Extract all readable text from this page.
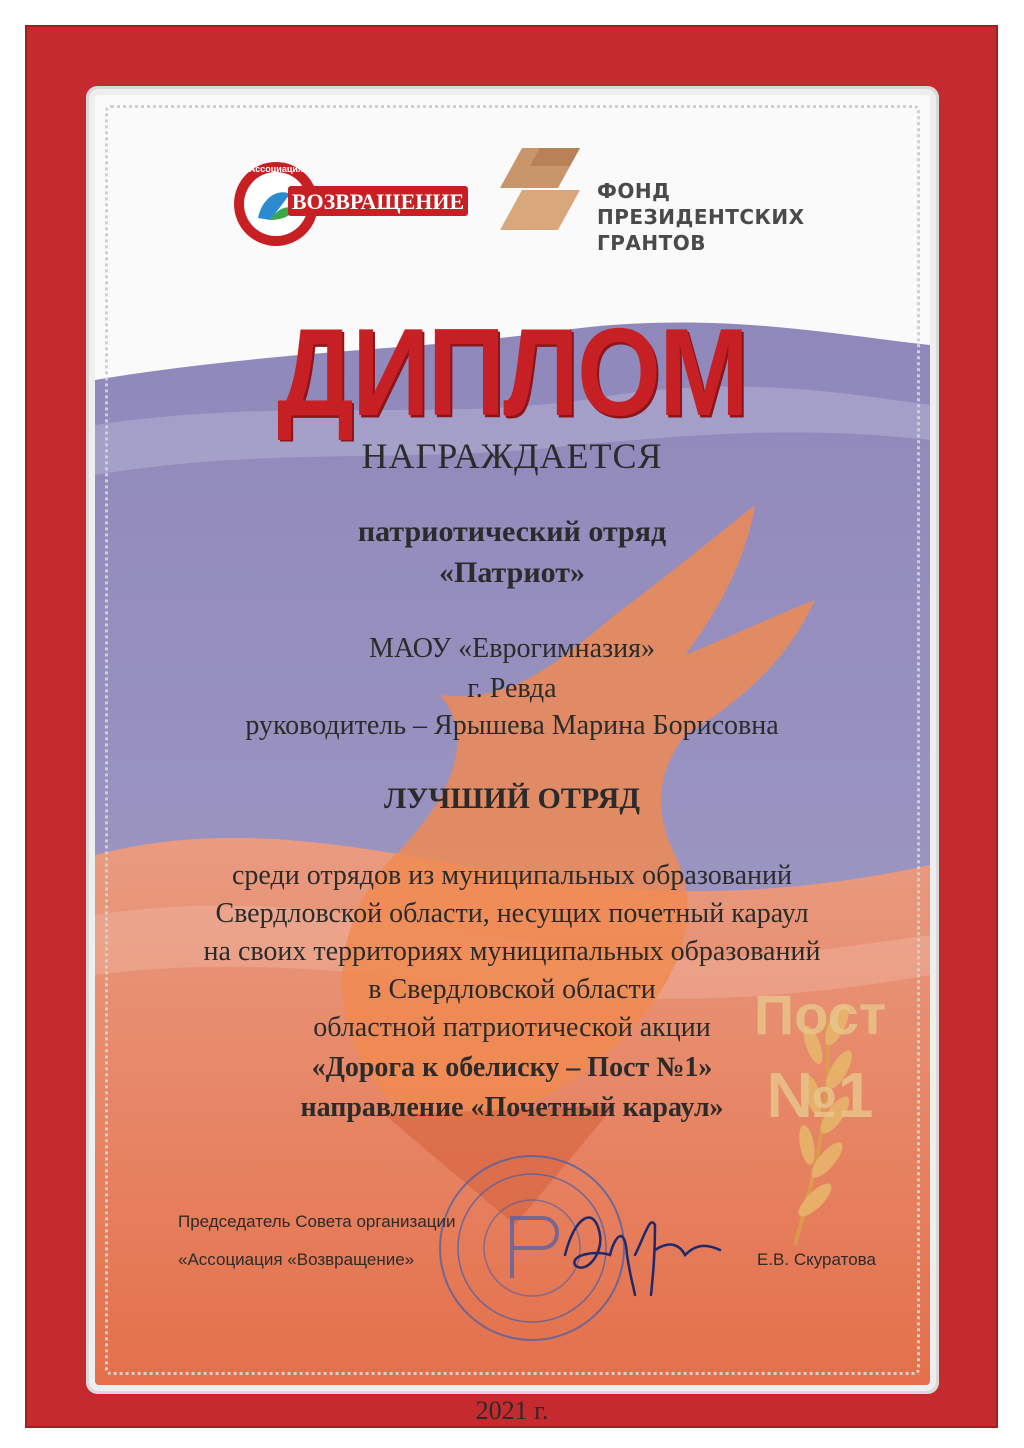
Пост
№1
ВОЗВРАЩЕНИЕ
Ассоциация
ФОНД
ПРЕЗИДЕНТСКИХ
ГРАНТОВ
ДИПЛОМ
НАГРАЖДАЕТСЯ
патриотический отряд
«Патриот»
МАОУ «Еврогимназия»
г. Ревда
руководитель – Ярышева Марина Борисовна
ЛУЧШИЙ ОТРЯД
среди отрядов из муниципальных образований
Свердловской области, несущих почетный караул
на своих территориях муниципальных образований
в Свердловской области
областной патриотической акции
«Дорога к обелиску – Пост №1»
направление «Почетный караул»
Председатель Совета организации
«Ассоциация «Возвращение»	Е.В. Скуратова
2021 г.
